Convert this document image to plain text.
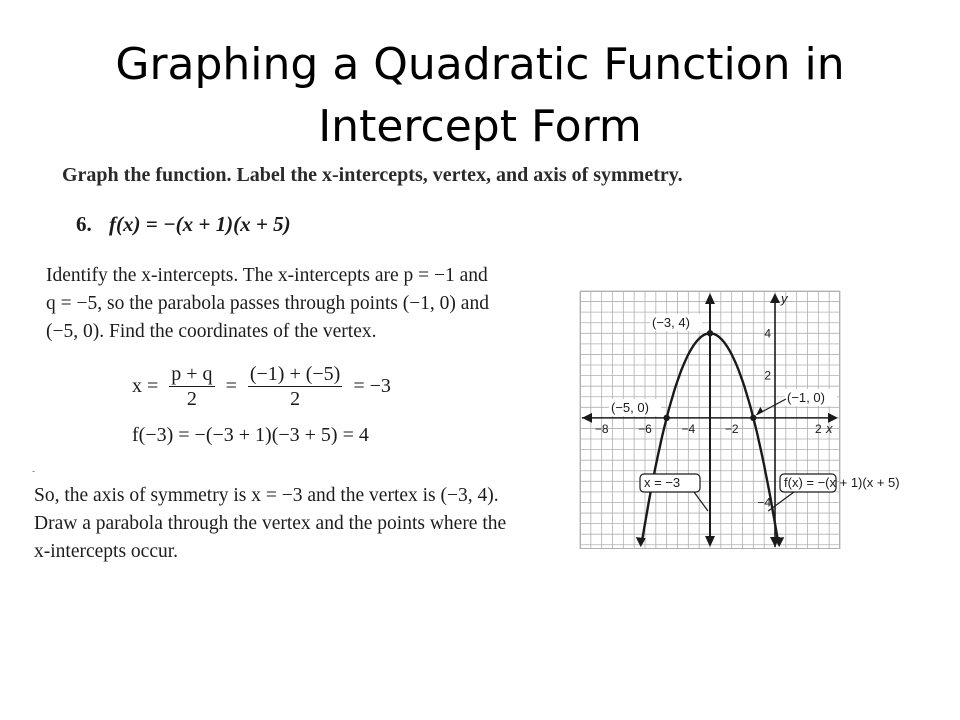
Graphing a Quadratic Function in Intercept Form
Graph the function. Label the x-intercepts, vertex, and axis of symmetry.
6. f(x) = −(x + 1)(x + 5)
Identify the x-intercepts. The x-intercepts are p = −1 and
q = −5, so the parabola passes through points (−1, 0) and
(−5, 0). Find the coordinates of the vertex.
$x = \frac{p + q}{2} = \frac{(-1) + (-5)}{2} = -3$
f(−3) = −(−3 + 1)(−3 + 5) = 4
-
So, the axis of symmetry is x = −3 and the vertex is (−3, 4).
Draw a parabola through the vertex and the points where the
x-intercepts occur.
−8 −6 −4 −2	2
4
2
−4
x
y
(−3, 4)
(−5, 0)
(−1, 0)
x = −3	f(x) = −(x + 1)(x + 5)
